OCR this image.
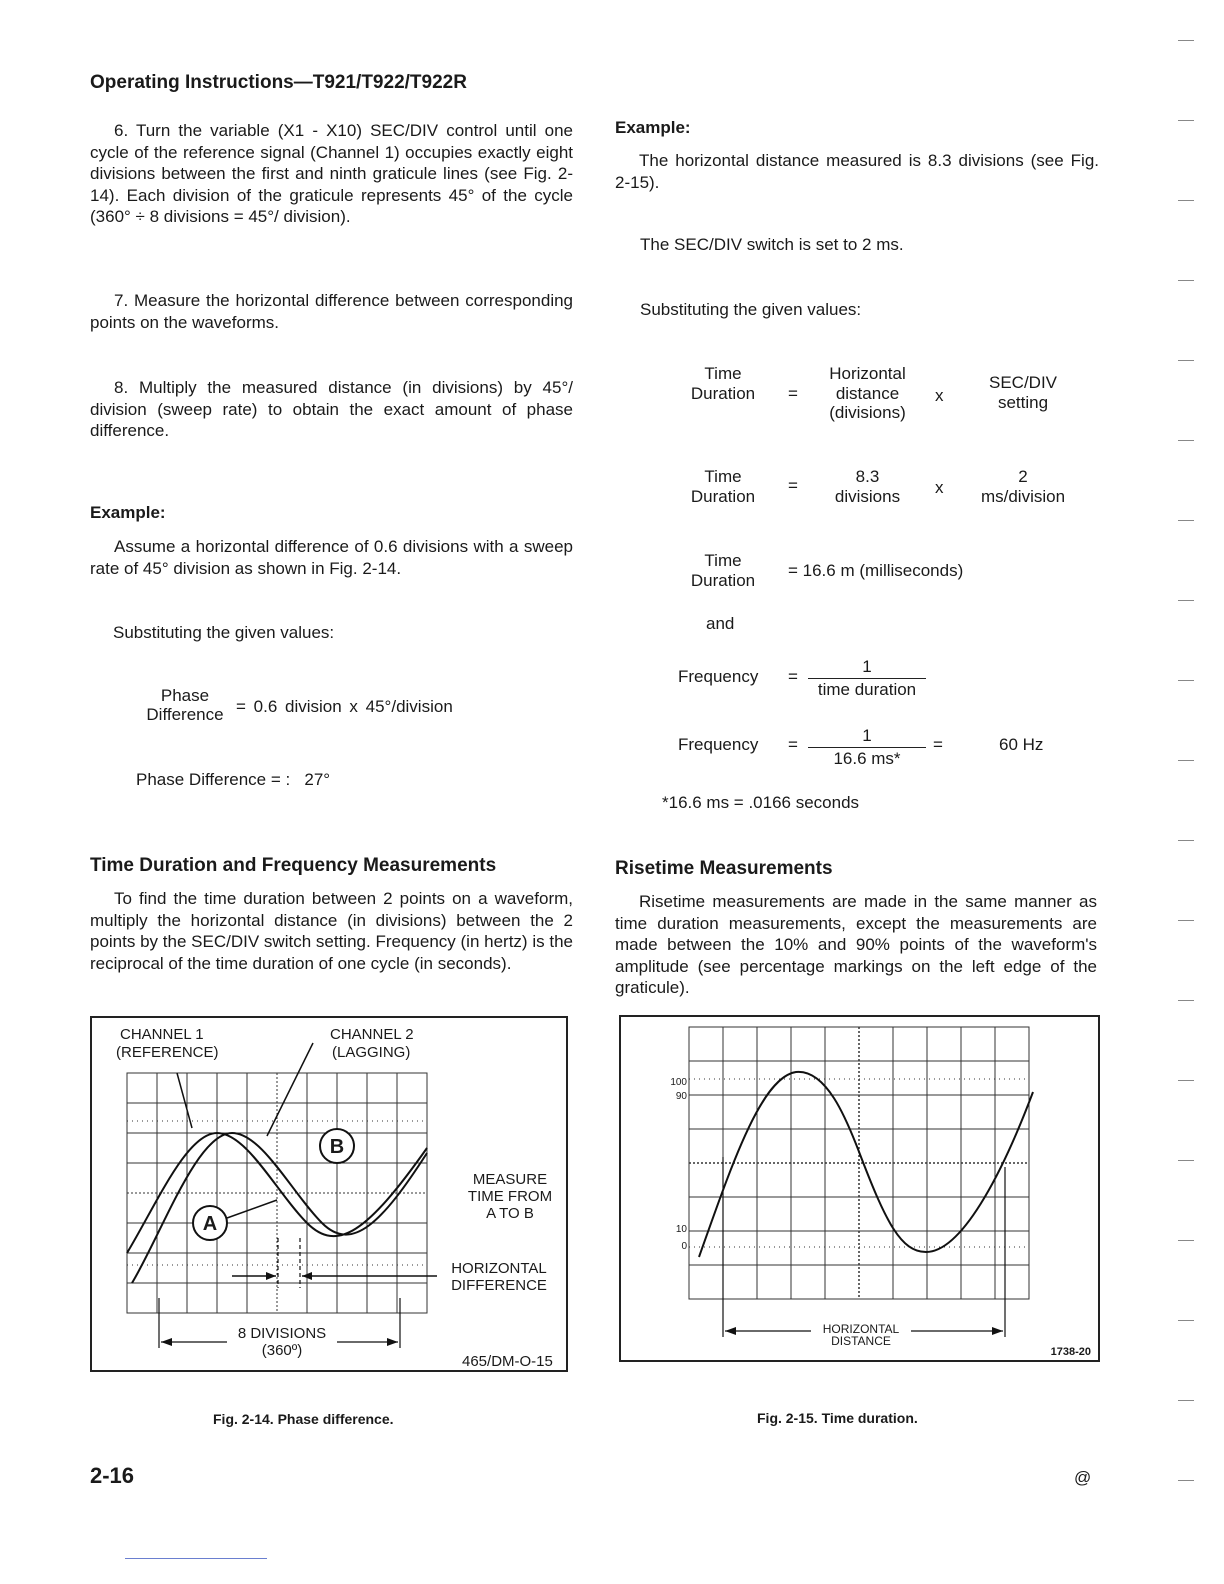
Operating Instructions—T921/T922/T922R

6. Turn the variable (X1 - X10) SEC/DIV control until one cycle of the reference signal (Channel 1) occupies exactly eight divisions between the first and ninth graticule lines (see Fig. 2-14). Each division of the graticule represents 45° of the cycle (360° ÷ 8 divisions = 45°/ division).

7. Measure the horizontal difference between corresponding points on the waveforms.

8. Multiply the measured distance (in divisions) by 45°/ division (sweep rate) to obtain the exact amount of phase difference.

Example:

Assume a horizontal difference of 0.6 divisions with a sweep rate of 45° division as shown in Fig. 2-14.

Substituting the given values:
Phase
Difference = 0.6 division x 45°/division
Phase Difference = :   27°
Time Duration and Frequency Measurements

To find the time duration between 2 points on a waveform, multiply the horizontal distance (in divisions) between the 2 points by the SEC/DIV switch setting. Frequency (in hertz) is the reciprocal of the time duration of one cycle (in seconds).

CHANNEL 1
(REFERENCE)
CHANNEL 2
(LAGGING)
B
A
MEASURE
TIME FROM
A TO B
HORIZONTAL
DIFFERENCE
8 DIVISIONS
(360º)
465/DM-O-15
Fig. 2-14. Phase difference.
Example:

The horizontal distance measured is 8.3 divisions (see Fig. 2-15).

The SEC/DIV switch is set to 2 ms.
Substituting the given values:
Time
Duration	=
Horizontal
distance
(divisions)
x
SEC/DIV
setting
Time
Duration
=	8.3
divisions	x
2
ms/division
Time
Duration
= 16.6 m (milliseconds)
and
Frequency =
1
time duration
Frequency = $\frac{1}{16.6 ms*}$ =	60 Hz
*16.6 ms = .0166 seconds
Risetime Measurements

Risetime measurements are made in the same manner as time duration measurements, except the measurements are made between the 10% and 90% points of the waveform's amplitude (see percentage markings on the left edge of the graticule).

100
90
10
0
HORIZONTAL
DISTANCE
1738-20
Fig. 2-15. Time duration.
2-16	@
